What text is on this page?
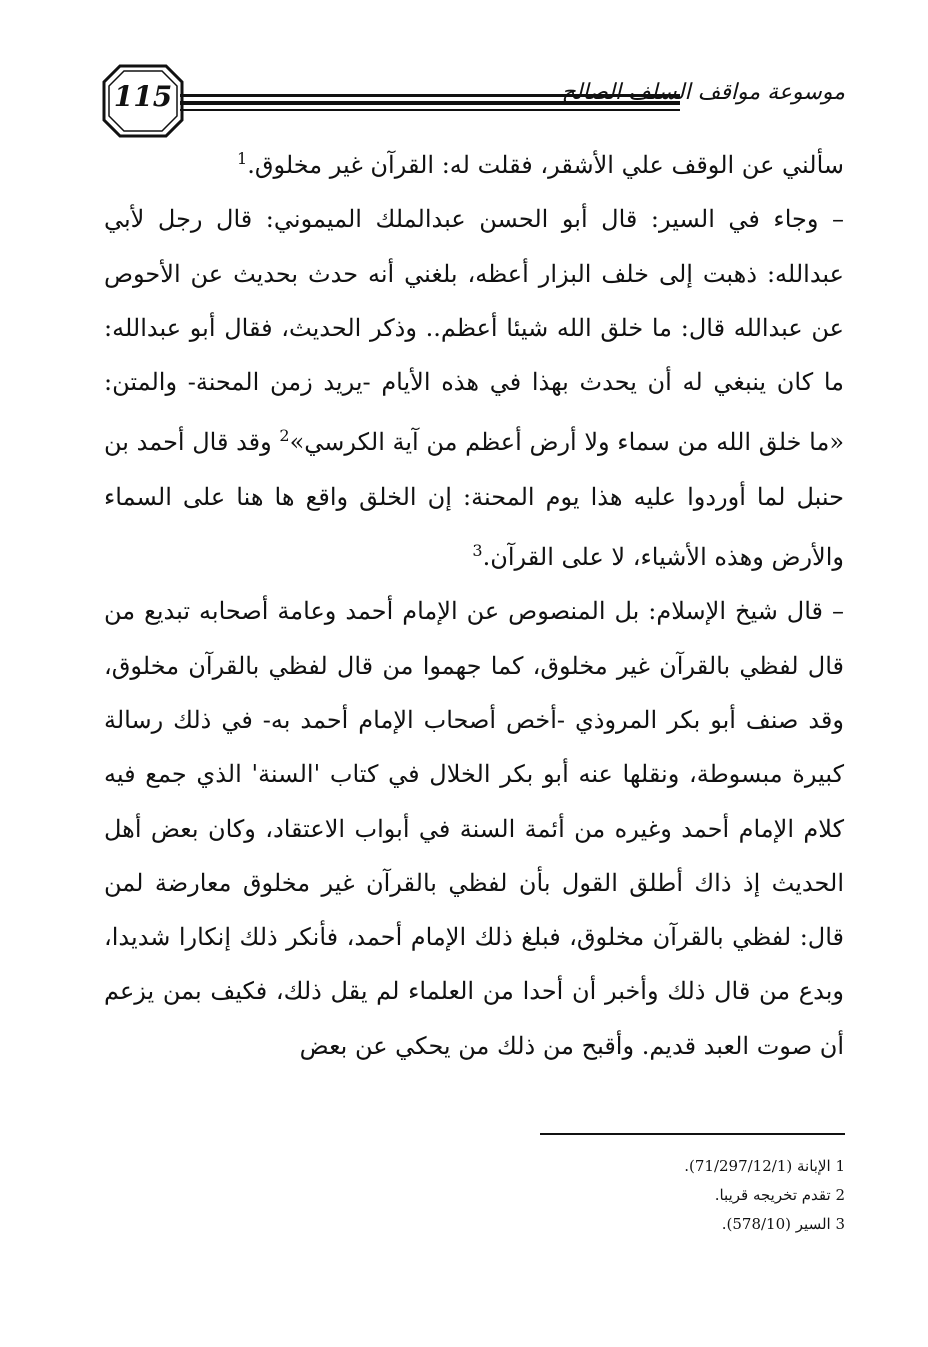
115	موسوعة مواقف السلف الصالح

سألني عن الوقف علي الأشقر، فقلت له: القرآن غير مخلوق.$^1$

– وجاء في السير: قال أبو الحسن عبدالملك الميموني: قال رجل لأبي عبدالله: ذهبت إلى خلف البزار أعظه، بلغني أنه حدث بحديث عن الأحوص عن عبدالله قال: ما خلق الله شيئا أعظم.. وذكر الحديث، فقال أبو عبدالله: ما كان ينبغي له أن يحدث بهذا في هذه الأيام -يريد زمن المحنة- والمتن: «ما خلق الله من سماء ولا أرض أعظم من آية الكرسي»$^2$ وقد قال أحمد بن حنبل لما أوردوا عليه هذا يوم المحنة: إن الخلق واقع ها هنا على السماء والأرض وهذه الأشياء، لا على القرآن.$^3$

– قال شيخ الإسلام: بل المنصوص عن الإمام أحمد وعامة أصحابه تبديع من قال لفظي بالقرآن غير مخلوق، كما جهموا من قال لفظي بالقرآن مخلوق، وقد صنف أبو بكر المروذي -أخص أصحاب الإمام أحمد به- في ذلك رسالة كبيرة مبسوطة، ونقلها عنه أبو بكر الخلال في كتاب 'السنة' الذي جمع فيه كلام الإمام أحمد وغيره من أئمة السنة في أبواب الاعتقاد، وكان بعض أهل الحديث إذ ذاك أطلق القول بأن لفظي بالقرآن غير مخلوق معارضة لمن قال: لفظي بالقرآن مخلوق، فبلغ ذلك الإمام أحمد، فأنكر ذلك إنكارا شديدا، وبدع من قال ذلك وأخبر أن أحدا من العلماء لم يقل ذلك، فكيف بمن يزعم أن صوت العبد قديم. وأقبح من ذلك من يحكي عن بعض

1 الإبانة (71/297/12/1).
2 تقدم تخريجه قريبا.
3 السير (578/10).
